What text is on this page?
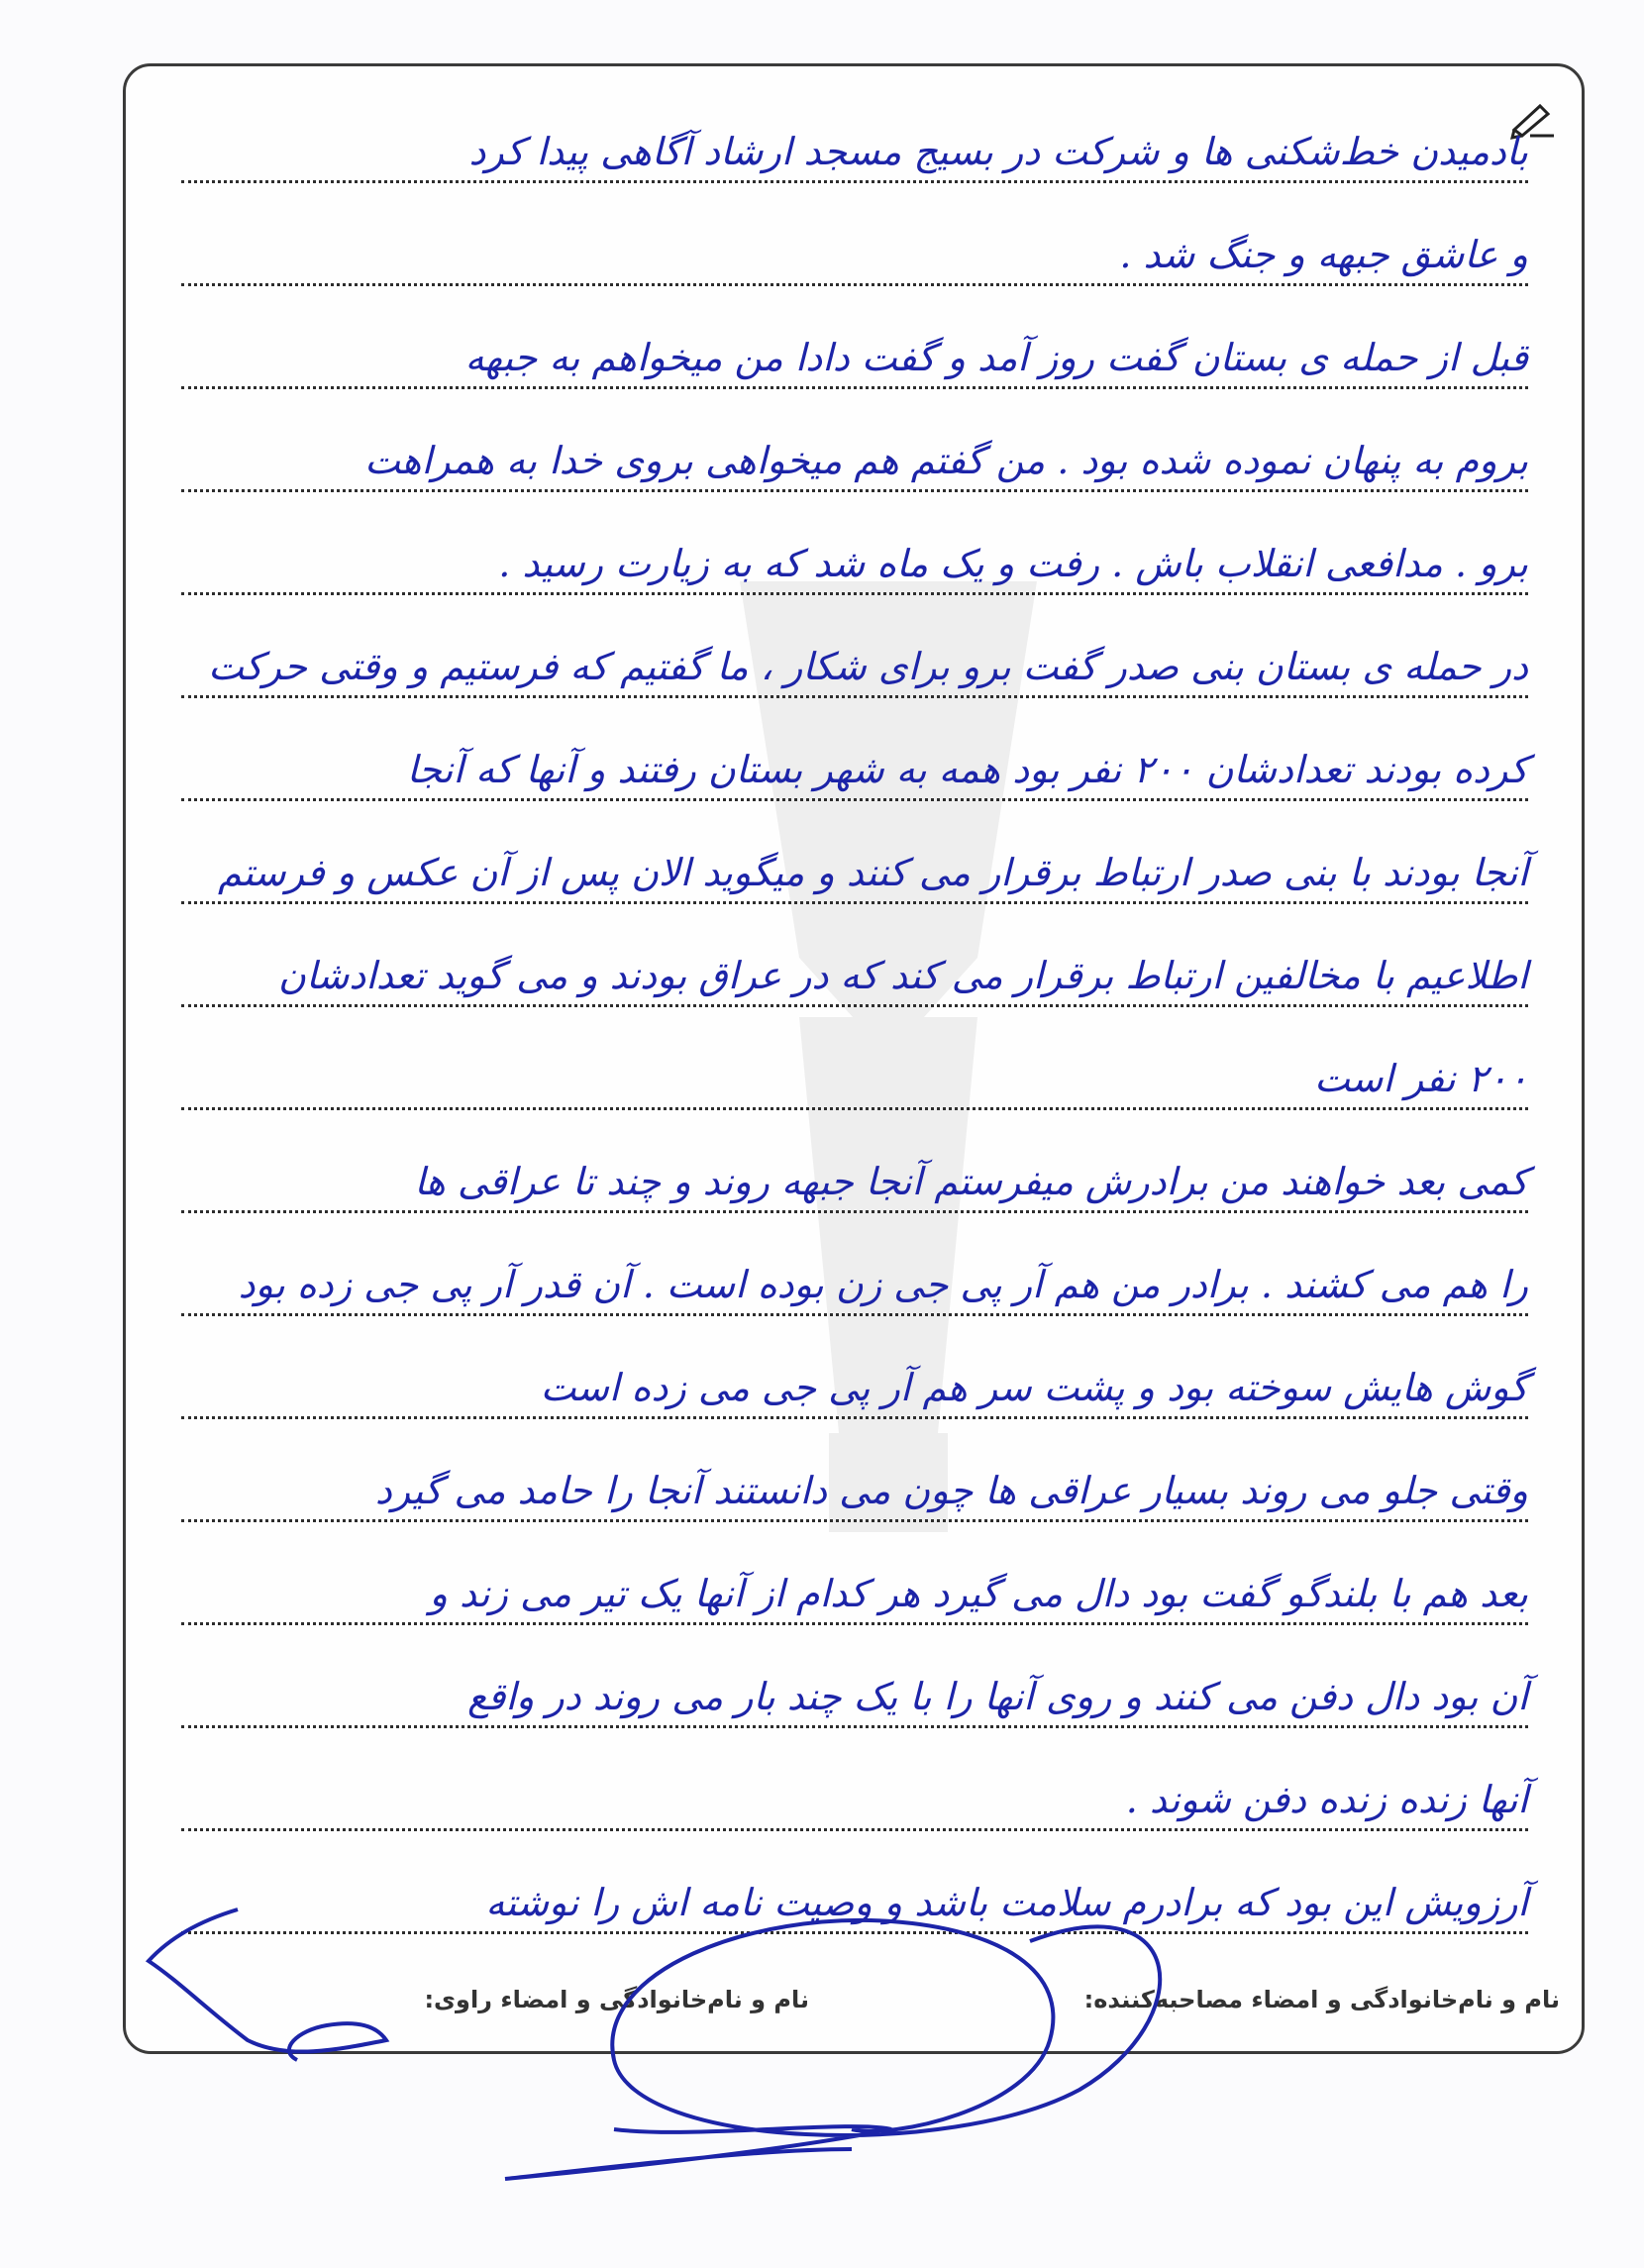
بادمیدن خط‌شکنی ها و شرکت در بسیج مسجد ارشاد آگاهی پیدا کرد
و عاشق جبهه و جنگ شد .
قبل از حمله ی بستان گفت روز آمد و گفت دادا من میخواهم به جبهه
بروم به پنهان نموده شده بود . من گفتم هم میخواهی بروی خدا به همراهت
برو . مدافعی انقلاب باش . رفت و یک ماه شد که به زیارت رسید .
در حمله ی بستان بنی صدر گفت برو برای شکار ، ما گفتیم که فرستیم و وقتی حرکت
کرده بودند تعدادشان ۲۰۰ نفر بود همه به شهر بستان رفتند و آنها که آنجا
آنجا بودند با بنی صدر ارتباط برقرار می کنند و میگوید الان پس از آن عکس و فرستم
اطلاعیم با مخالفین ارتباط برقرار می کند که در عراق بودند و می گوید تعدادشان
۲۰۰ نفر است
کمی بعد خواهند من برادرش میفرستم آنجا جبهه روند و چند تا عراقی ها
را هم می کشند . برادر من هم آر پی جی زن بوده است . آن قدر آر پی جی زده بود
گوش هایش سوخته بود و پشت سر هم آر پی جی می زده است
وقتی جلو می روند بسیار عراقی ها چون می دانستند آنجا را حامد می گیرد
بعد هم با بلندگو گفت بود دال می گیرد هر کدام از آنها یک تیر می زند و
آن بود دال دفن می کنند و روی آنها را با یک چند بار می روند در واقع
آنها زنده زنده دفن شوند .
آرزویش این بود که برادرم سلامت باشد و وصیت نامه اش را نوشته
نام و نام‌خانوادگی و امضاء مصاحبه‌کننده:
نام و نام‌خانوادگی و امضاء راوی:
